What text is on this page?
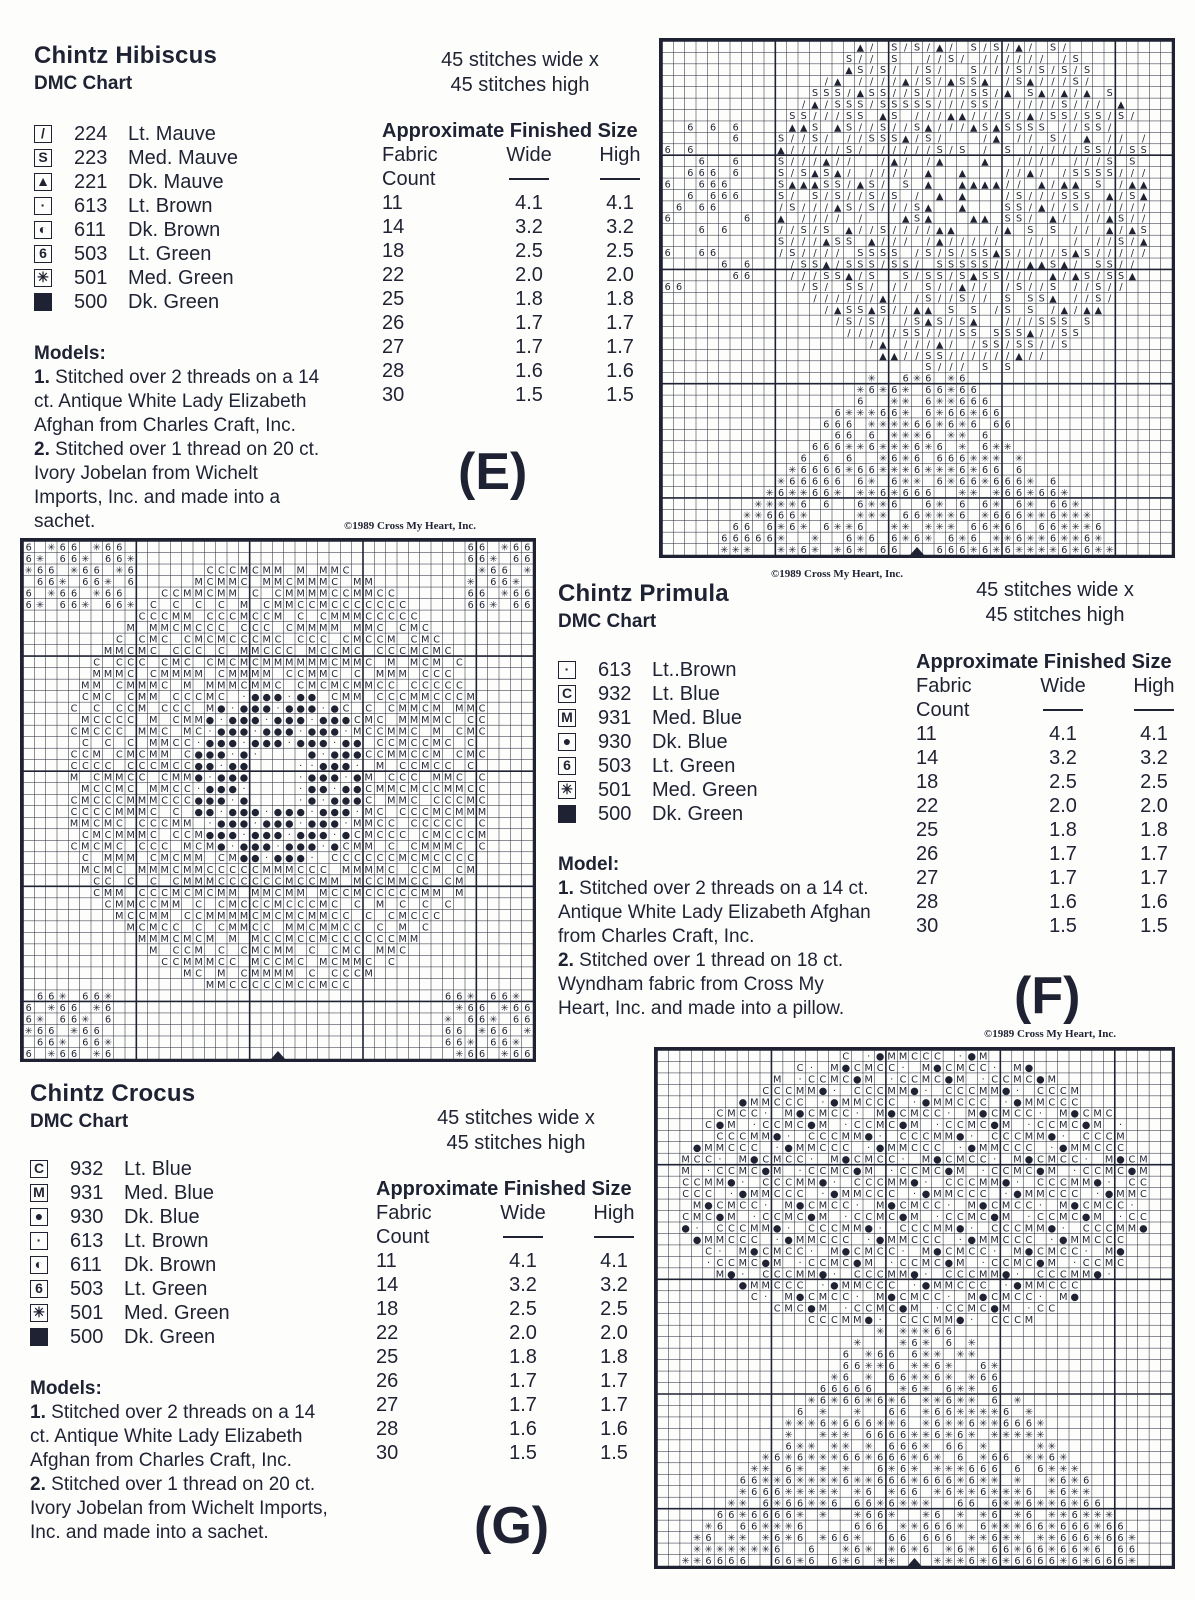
Chintz Hibiscus
DMC Chart
/	224	Lt. Mauve
S 223	Med. Mauve
▲ 221	Dk. Mauve
·	613	Lt. Brown
◐ 611	Dk. Brown
6 503	Lt. Green
✳ 501	Med. Green
500	Dk. Green
45 stitches wide x
45 stitches high
Approximate Finished Size
Fabric	Wide	High
Count
11	4.1	4.1
14	3.2	3.2
18	2.5	2.5
22	2.0	2.0
25	1.8	1.8
26	1.7	1.7
27	1.7	1.7
28	1.6	1.6
30	1.5	1.5
Models:
1. Stitched over 2 threads on a 14 ct. Antique White Lady Elizabeth Afghan from Charles Craft, Inc.
2. Stitched over 1 thread on 20 ct. Ivory Jobelan from Wichelt Imports, Inc. and made into a sachet.
(E)
©1989 Cross My Heart, Inc.
▲ / S / S / ▲ / S / S / ▲ / S /
S / / S	/ / S / / / / / / / / S
▲ S / S / / S /	S / / / S / S / S / S
/ ▲ / / / / ▲ / S / ▲ S S ▲ / S ▲ / / / S /
S S S / ▲ S S / / S / / / / S S / ▲ S ▲ / ▲ / ▲ S
/ ▲ / S S S / S S S S S / / / S S / / / / / S / / / ▲
S S / / / S S ▲ S / / / ▲ ▲ / / / S / ▲ / S S / S S / S /
6 6 6	▲ ▲ S ▲ S / / S / / S ▲ / / / ▲ S ▲ S S S S / / S S /
6	S / / S / / / S S S ▲ / S /	/ ▲ / / S / ▲ / / /
6 6	▲ / / / / / S / / / / / / S / S / S / / / / / S S / / S S
6	6	S / / / ▲ / /	/ ▲ / / ▲	▲	/ / / / / / / S S
6 6 6 6	S / S ▲ S ▲ / / / / / ▲	▲	/ / ▲ / / S S S S / / /
6	6 6 6	S ▲ ▲ ▲ S S / ▲ S / S ▲	▲ ▲ ▲ ▲ / / ▲ / ▲ ▲ S / ▲ ▲
6 6 6 6	S / S / S / / S / S / ▲ ▲	/ S / / / S S S ▲ / S ▲
6 6 6	/ S / / / ▲ S / S / / / S ▲	▲	S S / ▲ / / S / / / / / /
6	6	▲ / / / / /	▲ S ▲	▲ ▲ S S / ▲ / / / ▲ S / /
6 6	/ / S / S ▲ / / S / / / / ▲ ▲	/ ▲ S S / / ▲ / ▲ S
S / / / ▲ S S ▲ / / / / ▲ / / / / /	/ /	/ / / S / ▲
6	6 6	/ S / / / / S S S S / S / S / S S ▲ S / / / / S ▲ S / / / / /
6 6	/ S S ▲ / S S S / S S / S S S S S / / / ▲ ▲ S ▲ / S S / /
6 6	/ / / S S ▲ / S	S / S S / S ▲ S S / / / ▲ / ▲ S / S S ▲
6 6	/ S / S S / / / S / / ▲ / / / S / / S / / S / /
/ / / / / / ▲ / / S / / S / / S S S ▲ / / S /
/ ▲ S S ▲ S / / ▲ ▲ S S / S S / ▲ / ▲ ▲
/ S / S / / S ▲ S / S ▲	/ / / S S S S
/ / / / / S S / / / S S S S S ▲ / / S S
/ ▲ / / / ▲ / / S S / S S / / S
▲ ▲ / / S S / / / / / / ▲ / /
S / / / S S
✳	6 ✳ 6 ✳ 6
✳ 6 ✳ 6 ✳ 6 6 ✳ 6 6
6	✳ ✳ 6 ✳ ✳ 6 6 6
6 ✳ ✳ ✳ 6 6 ✳ 6 ✳ 6 6 ✳ 6 6
6 6 6 ✳ ✳ ✳ ✳ 6 6 ✳ 6 ✳ 6 6 6
6 6 6 ✳ ✳ ✳ 6 ✳ ✳ 6
6 6 6 ✳ ✳ 6 ✳ ✳ ✳ 6 ✳ 6 ✳ 6 ✳ ✳
6 6 6	✳ 6 ✳ 6 6 6 6 ✳ ✳ ✳ ✳
✳ 6 6 6 6 ✳ 6 6 ✳ ✳ ✳ 6 ✳ ✳ ✳ 6 ✳ 6 6 6
✳ 6 6 6 6 6 6 ✳ 6 ✳ ✳ 6 ✳ 6 6 ✳ 6 6 6 ✳ 6
✳ 6 ✳ ✳ 6 6 ✳ ✳ ✳ 6 ✳ 6 6 6	✳ ✳ ✳ 6 6 ✳ 6 6 ✳
✳ ✳ ✳ ✳ 6 6	6 ✳ ✳ 6	6 ✳ 6 6 ✳ 6 ✳ 6 6 ✳
✳ ✳ 6 6 6 ✳	✳ ✳ ✳ 6 6 ✳ ✳ ✳ 6 ✳ 6 6 6 ✳ ✳ 6 ✳ ✳ ✳
6 6 6 ✳ 6 ✳ 6 ✳ ✳ 6	✳ ✳ ✳ ✳ ✳ 6 6 ✳ 6 6 6 6 ✳ ✳ ✳ 6
6 6 6 6 6 ✳	✳	6 ✳ 6 6 ✳ 6 ✳ 6 ✳ 6 ✳ ✳ 6 ✳ ✳ 6 ✳ ✳ 6 ✳
✳ ✳ ✳	✳ ✳ 6 ✳ ✳ 6 ✳ 6 6	6 6 6 ✳ 6 ✳ 6 ✳ ✳ ✳ ✳ 6 ✳ 6 ✳ ✳
©1989 Cross My Heart, Inc.
6 ✳ 6 6 ✳ 6 6	6 6 ✳ 6 6
6 ✳ 6 6 ✳ 6 6 ✳	6 6 ✳ 6 6
✳ 6 6 ✳ 6 6 ✳ 6	C C C M C M M M M M C	✳ 6 6 ✳
6 6 ✳ 6 6 ✳ 6	M C M M C M M C M M M C M M	✳ 6 6 ✳
6 ✳ 6 6 ✳ 6 6	C C M M C M M C C M M M M C C M M C C	6 6 ✳ 6 6
6 ✳ 6 6 ✳ 6 6 ✳ C C C C M C M M C C M C C C C C C C	6 6 ✳ 6 6
C C C M M C C C M C C M C C M M M C C C C C
M M M C M C C C C C C C M M M M M M C C M C
C C M C C M C M C C C M C C C C C M C C M C M C
M M C M C C C C C M M C C C M C C M C C C C M C M C
C C C C C M C C M C M C M M M M M M C M M C M M C M C
M M M C C M M M M C M M M M C C M M C C M M M C C C
M M C M M M C M M M M C M M C C M C M C M M C C C C C C C
C M C C M M C C C M C · ● ● ● · ● ● C M M C C C M M C C C M
C C C C M C C C M ● · ● ● ● · ● ● ● · ● C C C M M C M M M C
M C C C C M C M M ● · ● ● ● · ● ● ● · ● ● ● C M C M M M M C C C
C M C C C M M C M C · ● ● ● · ● ● ● · ● ● ● · M C C M M C M C M C
C C C M M C C · ● ● ● · ● ● ● · ● ● ● · ● ● C C M C C M C C
C C M C M C M M C ● ● ● · ● ·	● · ● ● ● C C M M C C M C M C
C C C C C C C M C C ● ● · ● ●	· · ● ● ● · M C C M C C C
M C M M C C C M M ● · ● ● ●	· ● ● ● · ● M C C C M M C C
M C C M C M M C C · ● ● ● ·	· ● ● · ● ● C M M C M C C M M C C
C M C C C M M M C C C ● ● ● · ●	· ● · ● ● ● C M M C C C C M C
C C C C M M M C C ● ● · ● ● ● · ● ● ● · ● ● ● · M C C C C M C M M M
M M C M C C C C M M · ● ● ● · ● ● ● · ● ● ● · M M C C C C C C C C
C M C M M M C C C M ● ● ● · ● ● ● · ● ● ● · ● C M C C C C M C C C M
C M C M C C C C M C M ● · ● ● ● · ● ● ● · ● C M M C C M M M C C
C M M M C M C M M C M ● ● · ● ● ● · C C C C C C M C M C C C C
M C M C M M M C M M C C C C C M M M C C C M M M M C C C M C M
C C C C C M M M C C C C C C M C C M M M C C M M C C C M
C M M C C C M C M C M M M M C M M M C C M C C C C C M M M
C M M C C M M C C M C C C M C C C M C C M C C C
M C C M M C C M M M M C M C M C M M C C C C M C C C
M C M C C C C M M C C M M C M M C C C M C
M M M C M C M M M C C M C C M C C C C C C M M
M C C M C C M C M M C C M C M M C
C C M M M C C M C C M C M C M M C C
M C M C M M M M C C C C M
M M C C C C C M C C M C C
6 6 ✳ 6 6 ✳	6 6 ✳ 6 6 ✳
6 ✳ 6 6 ✳ 6	✳ 6 6 ✳ 6 6
6 ✳ 6 6 ✳ 6	✳ 6 6 ✳ 6 6
✳ 6 6 ✳ 6 6	6 6 ✳ 6 6 ✳
6 6 ✳ 6 6 ✳	6 6 ✳ 6 6 ✳
6 ✳ 6 6 ✳ 6	✳ 6 6 ✳ 6 6
Chintz Primula
DMC Chart
45 stitches wide x
45 stitches high
·	613	Lt..Brown
C 932	Lt. Blue
M 931	Med. Blue
● 930	Dk. Blue
6 503	Lt. Green
✳ 501	Med. Green
500	Dk. Green
Approximate Finished Size
Fabric	Wide	High
Count
11	4.1	4.1
14	3.2	3.2
18	2.5	2.5
22	2.0	2.0
25	1.8	1.8
26	1.7	1.7
27	1.7	1.7
28	1.6	1.6
30	1.5	1.5
Model:
1. Stitched over 2 threads on a 14 ct. Antique White Lady Elizabeth Afghan from Charles Craft, Inc.
2. Stitched over 1 thread on 18 ct. Wyndham fabric from Cross My Heart, Inc. and made into a pillow.	(F)
©1989 Cross My Heart, Inc.
Chintz Crocus
DMC Chart	45 stitches wide x
45 stitches high
C 932	Lt. Blue
M 931	Med. Blue
● 930	Dk. Blue
·	613	Lt. Brown
◐ 611	Dk. Brown
6 503	Lt. Green
✳ 501	Med. Green
500	Dk. Green
Approximate Finished Size
Fabric	Wide	High
Count
11	4.1	4.1
14	3.2	3.2
18	2.5	2.5
22	2.0	2.0
25	1.8	1.8
26	1.7	1.7
27	1.7	1.7
28	1.6	1.6
30	1.5	1.5
Models:
1. Stitched over 2 threads on a 14 ct. Antique White Lady Elizabeth Afghan from Charles Craft, Inc.
2. Stitched over 1 thread on 20 ct. Ivory Jobelan from Wichelt Imports, Inc. and made into a sachet.	(G)
C · ● M M C C C · ● M
C · M ● C M C C · M ● C M C C · M ●
M · C C M C ● M · C C M C ● M · C C M C ● M
C C C M M ● · C C C M M ● · C C C M M ● · C C C M
● M M C C C · ● M M C C C · ● M M C C C · ● M M C C C
C M C C · M ● C M C C · M ● C M C C · M ● C M C C · M ● C M C
C ● M · C C M C ● M · C C M C ● M · C C M C ● M · C C M C ● M ·
C C C M M ● · C C C M M ● · C C C M M ● · C C C M M ● · C C C M
● M M C C C · ● M M C C C · ● M M C C C · ● M M C C C · ● M M C C C
M C C · M ● C M C C · M ● C M C C · M ● C M C C · M ● C M C C · M ● C M
M · C C M C ● M · C C M C ● M · C C M C ● M · C C M C ● M · C C M C ● M
C C M M ● · C C C M M ● · C C C M M ● · C C C M M ● · C C C M M ● · C C
C C C · ● M M C C C · ● M M C C C · ● M M C C C · ● M M C C C · ● M M C
M ● C M C C · M ● C M C C · M ● C M C C · M ● C M C C · M ● C M C C ·
C M C ● M · C C M C ● M · C C M C ● M · C C M C ● M · C C M C ● M · C C
● · C C C M M ● · C C C M M ● · C C C M M ● · C C C M M ● · C C C M M ●
● M M C C C · ● M M C C C · ● M M C C C · ● M M C C C · ● M M C C C
C · M ● C M C C · M ● C M C C · M ● C M C C · M ● C M C C · M ●
· C C M C ● M · C C M C ● M · C C M C ● M · C C M C ● M · C C M C
M ● · C C C M M ● · C C C M M ● · C C C M M ● · C C C M M ● ·
● M M C C C · ● M M C C C · ● M M C C C · ● M M C C C
C · M ● C M C C · M ● C M C C · M ● C M C C · M ●
C M C ● M · C C M C ● M · C C M C ● M · C C
C C C M M ● · C C C M M ● · C C C M
✳ ✳ ✳ ✳ 6 6
✳	✳ 6 ✳ 6 ✳
6 ✳ 6 6 6 ✳ ✳ ✳ ✳
6 6 ✳ ✳ 6 ✳ ✳ 6 ✳	6 ✳
✳ 6 ✳ 6 6 ✳ ✳ 6 ✳ ✳ 6 6
6 6 6 6 6	✳ 6 ✳ 6 ✳ ✳ 6
✳ 6 ✳ 6 6 ✳ 6 ✳ 6 ✳ ✳ 6 ✳ ✳ 6 ✳
6 ✳	✳	6 6 ✳ 6 6 ✳ ✳ ✳ ✳ 6 ✳
✳ ✳ ✳ 6 ✳ 6 6 6 ✳ ✳ 6 ✳ 6 ✳ ✳ 6 ✳ ✳ 6 6 6 ✳
✳	✳ ✳ ✳ 6 6 6 6 ✳ ✳ 6 ✳ 6 ✳ ✳ ✳ ✳ ✳ ✳
6 ✳ ✳ ✳ ✳ ✳ 6 6 6 ✳ 6 6 ✳	✳ ✳
✳ 6 ✳ 6 ✳ ✳ ✳ 6 6 ✳ 6 6 6 ✳ 6 ✳ 6 ✳ 6 6 ✳ ✳ 6 ✳
✳ ✳ 6 ✳ ✳ ✳	6 ✳ 6 ✳ ✳ ✳ ✳ 6 6 6 6 6 ✳ ✳ ✳
6 6 ✳ ✳ 6 ✳ ✳ ✳ ✳ 6 ✳ ✳ 6 6 6 ✳ 6 6 6 ✳ 6 ✳ ✳ ✳	✳ 6 ✳ 6
✳ 6 6 6 ✳ ✳ ✳ ✳ ✳ ✳ 6 ✳ 6 6 ✳ 6 ✳ ✳ 6 ✳ ✳ ✳ 6 ✳ 6 ✳ ✳
✳ ✳ 6 ✳ 6 6 ✳ ✳ 6 6 6 ✳ 6 ✳ ✳ ✳	6 6 6 ✳ ✳ 6 ✳ ✳ 6 ✳ 6 6
6 6 ✳ 6 6 6 6 ✳ ✳	✳ 6 6 ✳	✳ 6 ✳ ✳ 6 ✳ 6 ✳ ✳ 6 ✳ ✳ ✳
✳ 6 6 6 ✳ ✳ ✳ 6	6 6 6 ✳ ✳ 6 6 6 ✳ 6 ✳ ✳ ✳ 6 6 ✳ 6 6 6 ✳ 6 6
✳ 6 ✳ ✳ ✳ 6 ✳ 6 ✳ 6 6 ✳	6 6 6 6 6 ✳ ✳ 6 ✳ ✳ ✳ ✳ 6 6 6 ✳ 6 6 ✳
✳ ✳ ✳ ✳ ✳ ✳ ✳ 6	6	✳ 6 ✳ ✳ 6 ✳ 6 ✳ 6 ✳ 6 6 ✳ 6 6 ✳ 6 6 ✳ 6 6 6
✳ ✳ 6 6 6 6	6 6 ✳ 6 6 ✳ 6 ✳ ✳	✳ ✳ ✳ 6 ✳ 6 ✳ 6 6 6 6 ✳ 6 ✳ 6 6 6 ✳
